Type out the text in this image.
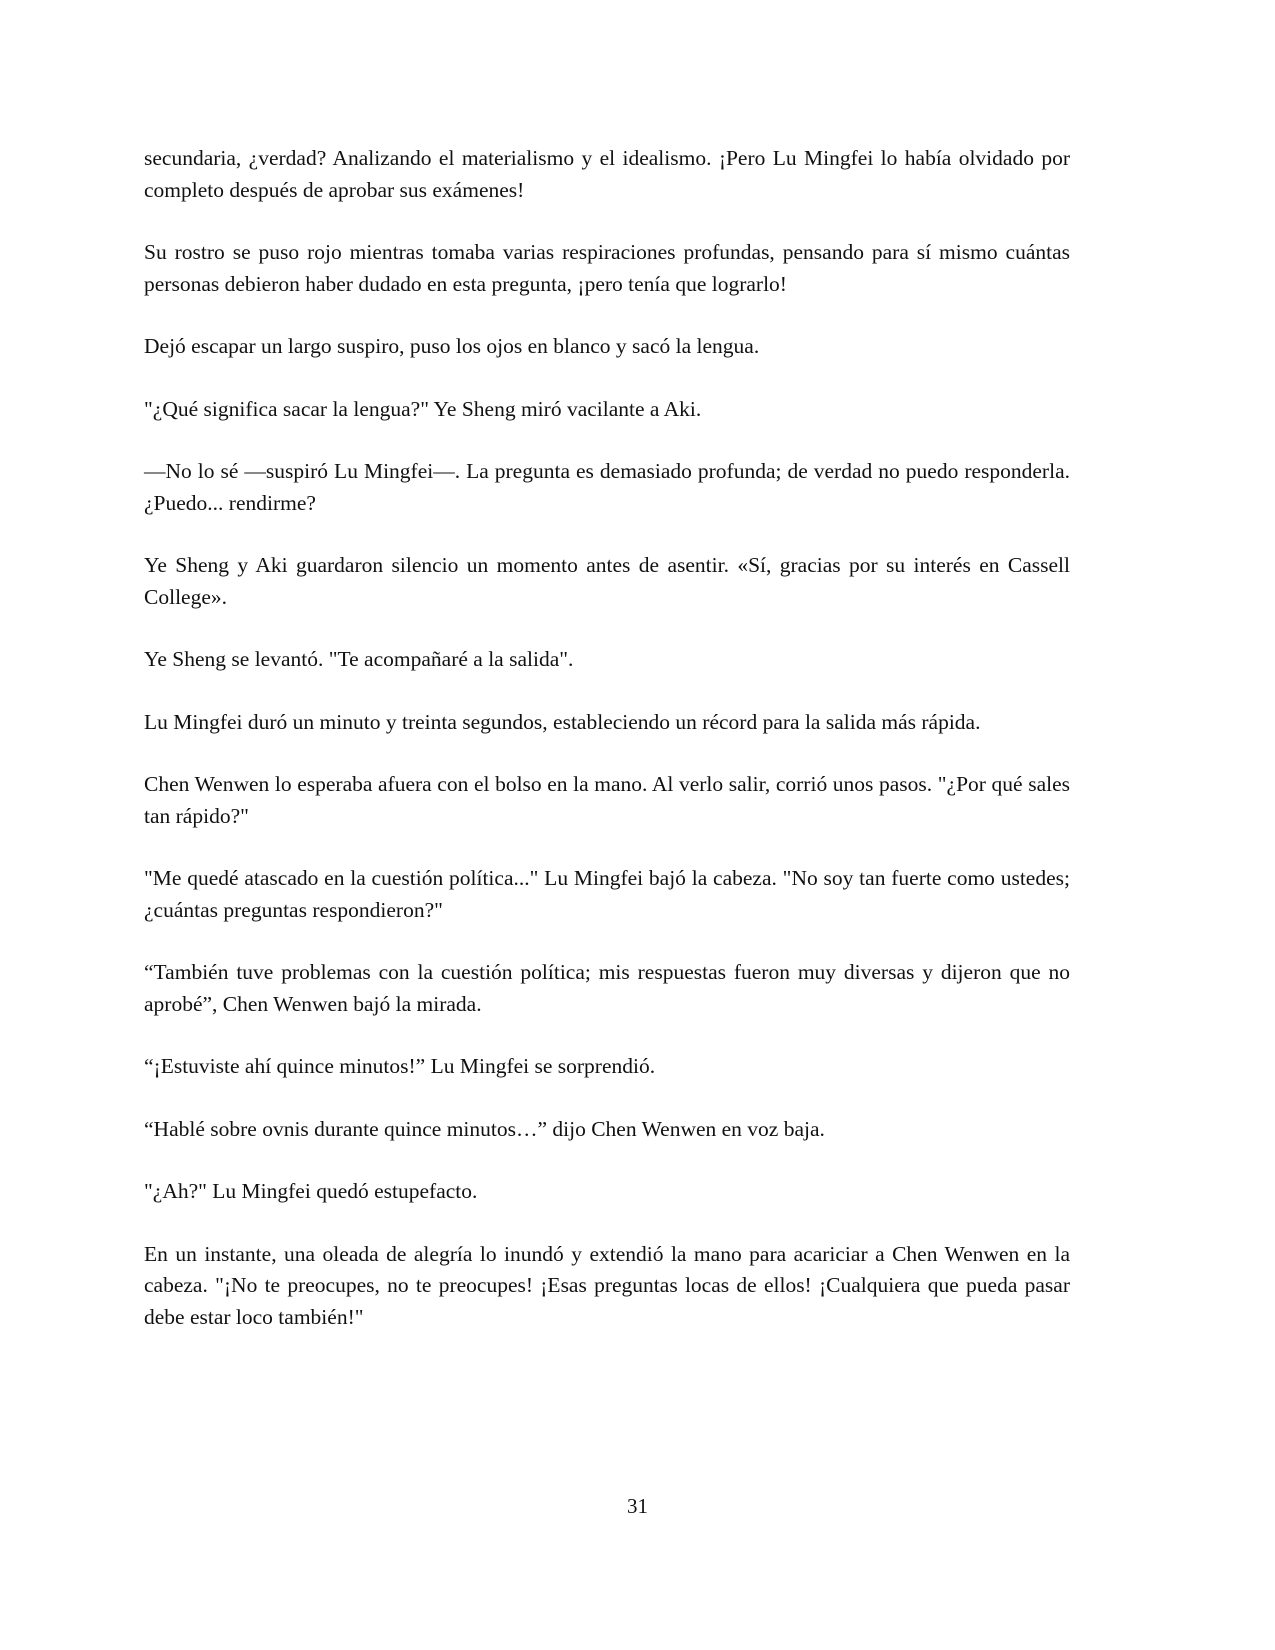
secundaria, ¿verdad? Analizando el materialismo y el idealismo. ¡Pero Lu Mingfei lo había olvidado por completo después de aprobar sus exámenes!

Su rostro se puso rojo mientras tomaba varias respiraciones profundas, pensando para sí mismo cuántas personas debieron haber dudado en esta pregunta, ¡pero tenía que lograrlo!

Dejó escapar un largo suspiro, puso los ojos en blanco y sacó la lengua.

"¿Qué significa sacar la lengua?" Ye Sheng miró vacilante a Aki.

—No lo sé —suspiró Lu Mingfei—. La pregunta es demasiado profunda; de verdad no puedo responderla. ¿Puedo... rendirme?

Ye Sheng y Aki guardaron silencio un momento antes de asentir. «Sí, gracias por su interés en Cassell College».

Ye Sheng se levantó. "Te acompañaré a la salida".

Lu Mingfei duró un minuto y treinta segundos, estableciendo un récord para la salida más rápida.

Chen Wenwen lo esperaba afuera con el bolso en la mano. Al verlo salir, corrió unos pasos. "¿Por qué sales tan rápido?"

"Me quedé atascado en la cuestión política..." Lu Mingfei bajó la cabeza. "No soy tan fuerte como ustedes; ¿cuántas preguntas respondieron?"

“También tuve problemas con la cuestión política; mis respuestas fueron muy diversas y dijeron que no aprobé”, Chen Wenwen bajó la mirada.

“¡Estuviste ahí quince minutos!” Lu Mingfei se sorprendió.

“Hablé sobre ovnis durante quince minutos…” dijo Chen Wenwen en voz baja.

"¿Ah?" Lu Mingfei quedó estupefacto.

En un instante, una oleada de alegría lo inundó y extendió la mano para acariciar a Chen Wenwen en la cabeza. "¡No te preocupes, no te preocupes! ¡Esas preguntas locas de ellos! ¡Cualquiera que pueda pasar debe estar loco también!"

31
